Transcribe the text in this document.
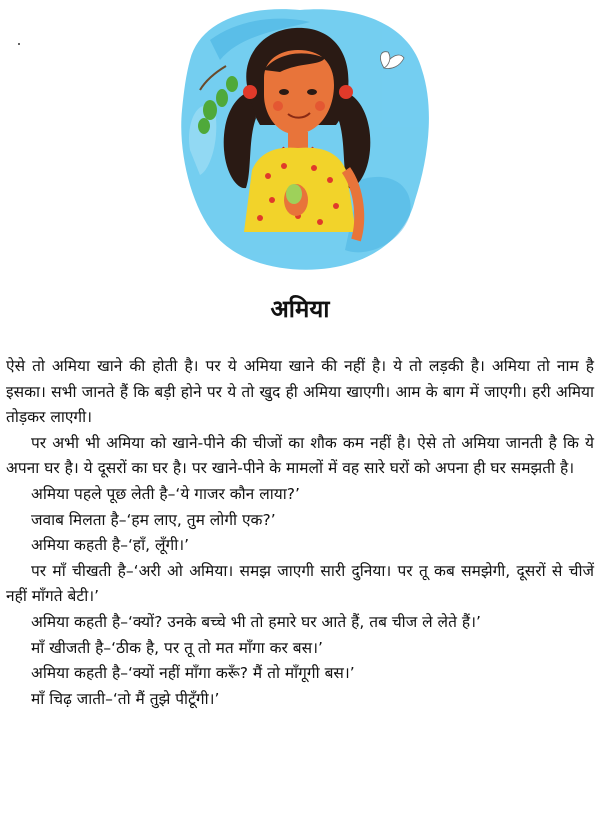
अमिया

ऐसे तो अमिया खाने की होती है। पर ये अमिया खाने की नहीं है। ये तो लड़की है। अमिया तो नाम है इसका। सभी जानते हैं कि बड़ी होने पर ये तो खुद ही अमिया खाएगी। आम के बाग में जाएगी। हरी अमिया तोड़कर लाएगी।

पर अभी भी अमिया को खाने-पीने की चीजों का शौक कम नहीं है। ऐसे तो अमिया जानती है कि ये अपना घर है। ये दूसरों का घर है। पर खाने-पीने के मामलों में वह सारे घरों को अपना ही घर समझती है।

अमिया पहले पूछ लेती है–‘ये गाजर कौन लाया?’

जवाब मिलता है–‘हम लाए, तुम लोगी एक?’

अमिया कहती है–‘हाँ, लूँगी।’

पर माँ चीखती है–‘अरी ओ अमिया। समझ जाएगी सारी दुनिया। पर तू कब समझेगी, दूसरों से चीजें नहीं माँगते बेटी।’

अमिया कहती है–‘क्यों? उनके बच्चे भी तो हमारे घर आते हैं, तब चीज ले लेते हैं।’

माँ खीजती है–‘ठीक है, पर तू तो मत माँगा कर बस।’

अमिया कहती है–‘क्यों नहीं माँगा करूँ? मैं तो माँगूगी बस।’

माँ चिढ़ जाती–‘तो मैं तुझे पीटूँगी।’
